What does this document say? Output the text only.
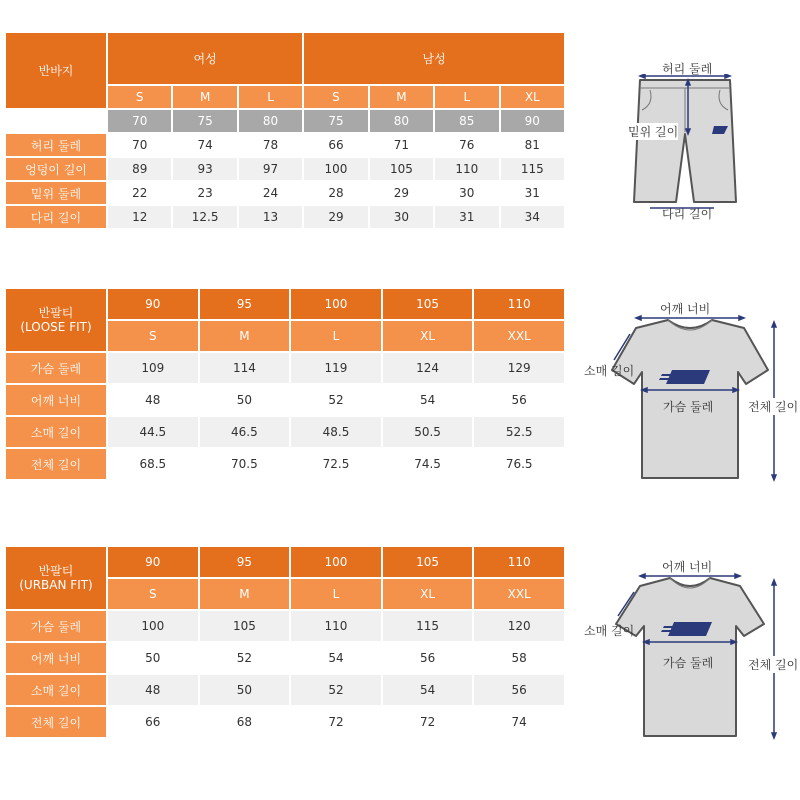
반바지	여성			남성			
	S	M	L	S	M	L	XL
	70	75	80	75	80	85	90
허리 둘레	70	74	78	66	71	76	81
엉덩이 길이	89	93	97	100	105	110	115
밑위 둘레	22	23	24	28	29	30	31
다리 길이	12	12.5	13	29	30	31	34
허리 둘레
밑위 길이
다리 길이
반팔티
(LOOSE FIT)	90	95	100	105	110
	S	M	L	XL	XXL
가슴 둘레	109	114	119	124	129
어깨 너비	48	50	52	54	56
소매 길이	44.5	46.5	48.5	50.5	52.5
전체 길이	68.5	70.5	72.5	74.5	76.5
어깨 너비
소매 길이
가슴 둘레	전체 길이
반팔티
(URBAN FIT)	90	95	100	105	110
	S	M	L	XL	XXL
가슴 둘레	100	105	110	115	120
어깨 너비	50	52	54	56	58
소매 길이	48	50	52	54	56
전체 길이	66	68	72	72	74
어깨 너비
소매 길이
가슴 둘레	전체 길이
